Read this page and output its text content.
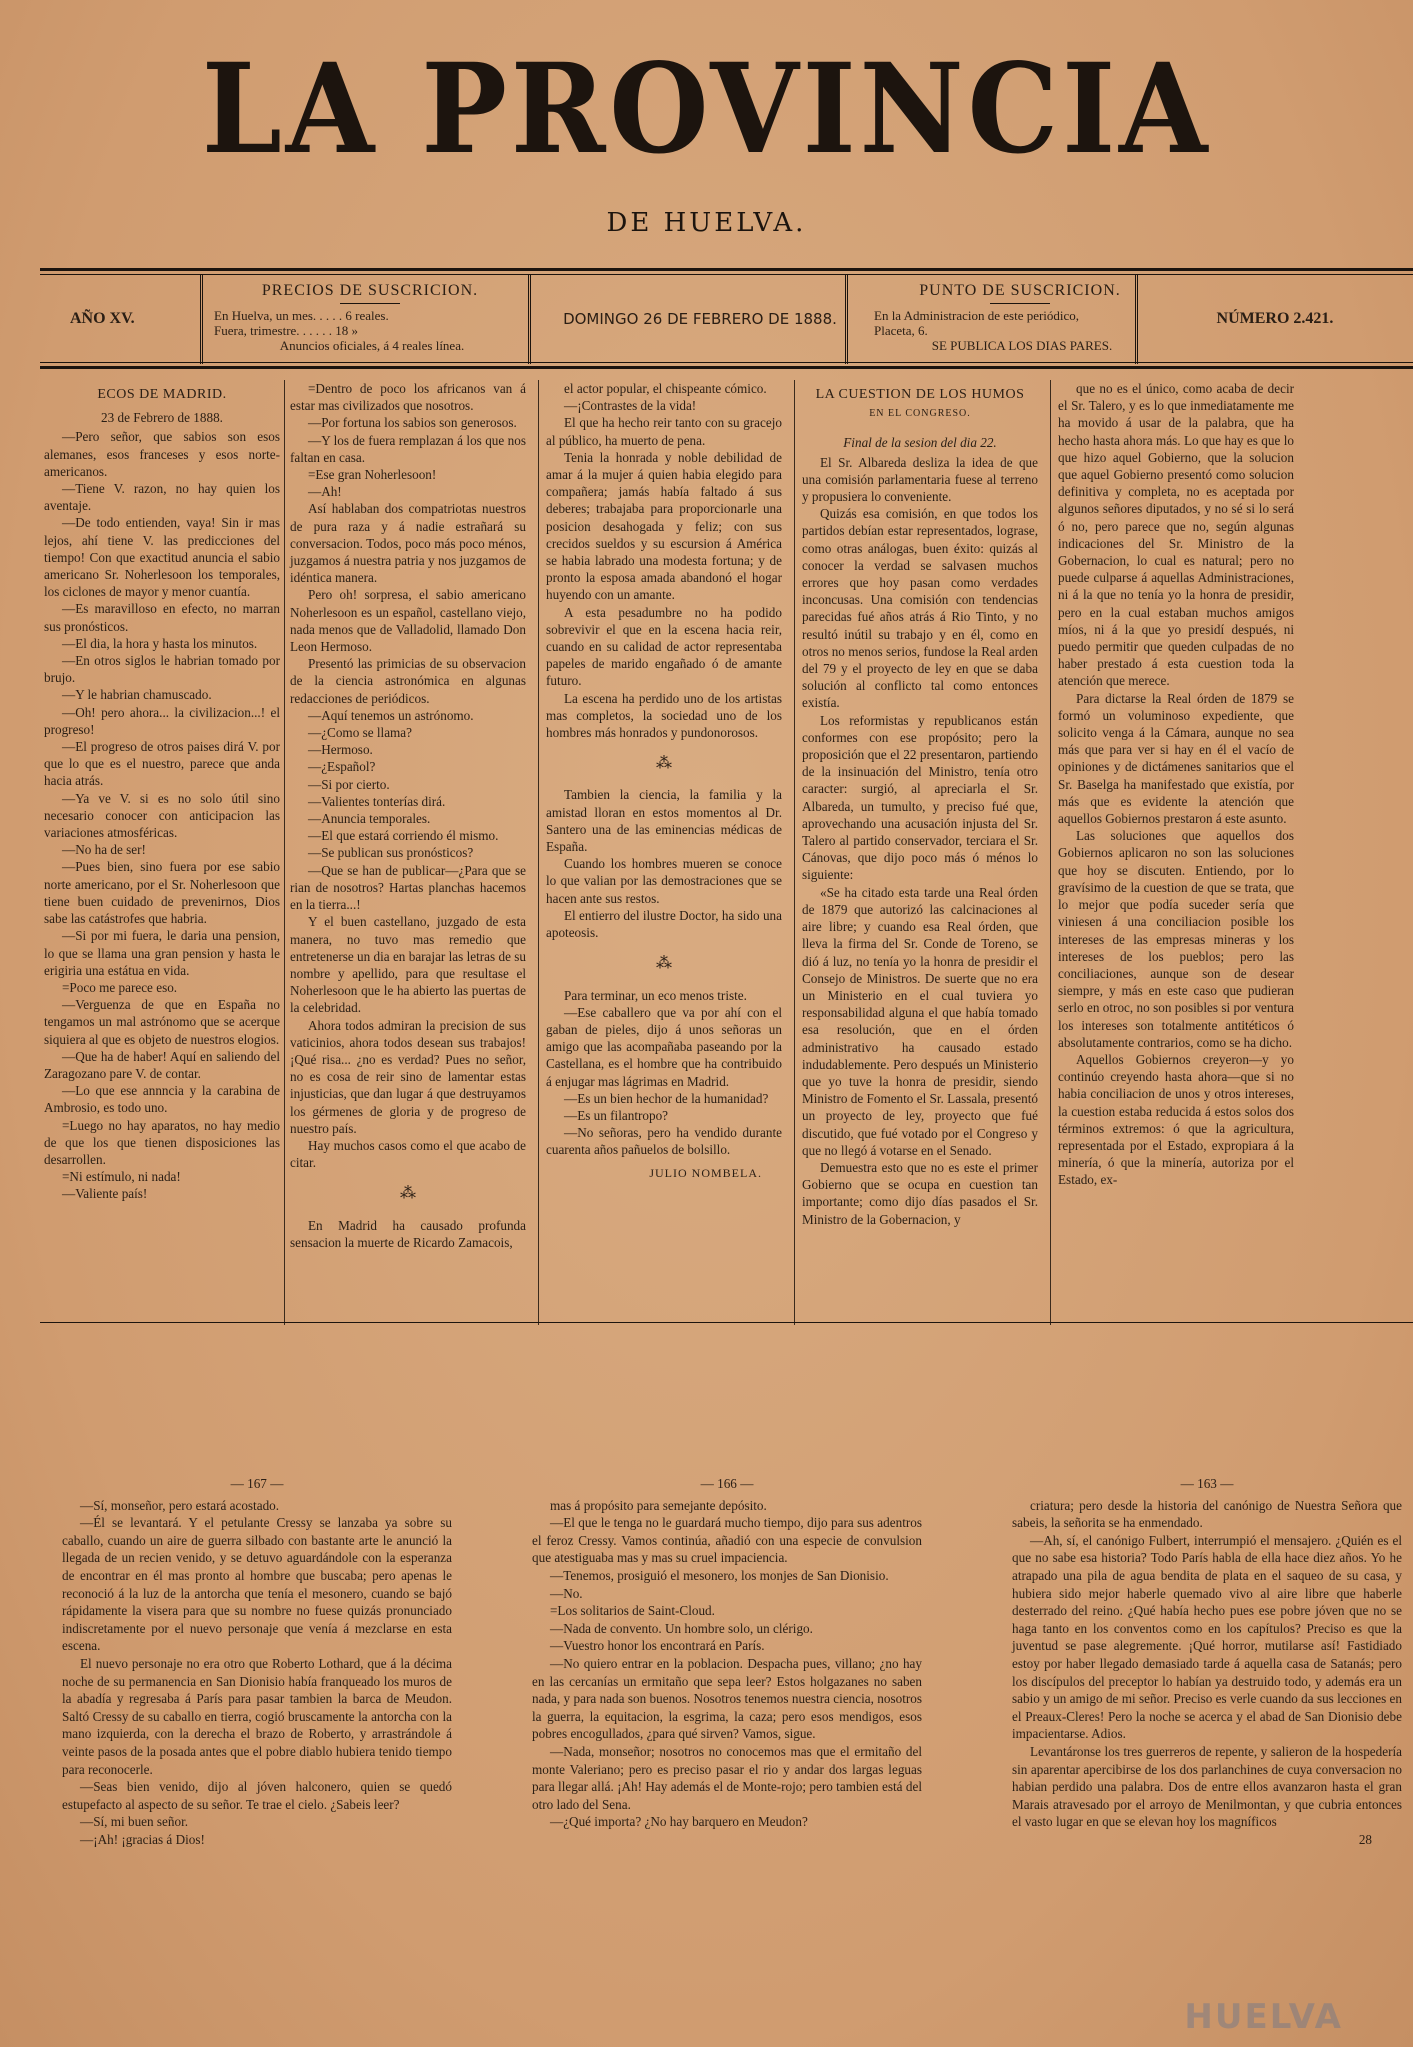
LA PROVINCIA
DE HUELVA.
AÑO XV.
PRECIOS DE SUSCRICION.
En Huelva, un mes. . . . . 6 reales.
Fuera, trimestre. . . . . . 18 »
Anuncios oficiales, á 4 reales línea.
DOMINGO 26 DE FEBRERO DE 1888.
PUNTO DE SUSCRICION.
En la Administracion de este periódico,
Placeta, 6.
SE PUBLICA LOS DIAS PARES.
NÚMERO 2.421.

ECOS DE MADRID.

23 de Febrero de 1888.

—Pero señor, que sabios son esos alemanes, esos franceses y esos norte-americanos.

—Tiene V. razon, no hay quien los aventaje.

—De todo entienden, vaya! Sin ir mas lejos, ahí tiene V. las predicciones del tiempo! Con que exactitud anuncia el sabio americano Sr. Noherlesoon los temporales, los ciclones de mayor y menor cuantía.

—Es maravilloso en efecto, no marran sus pronósticos.

—El dia, la hora y hasta los minutos.

—En otros siglos le habrian tomado por brujo.

—Y le habrian chamuscado.

—Oh! pero ahora... la civilizacion...! el progreso!

—El progreso de otros paises dirá V. por que lo que es el nuestro, parece que anda hacia atrás.

—Ya ve V. si es no solo útil sino necesario conocer con anticipacion las variaciones atmosféricas.

—No ha de ser!

—Pues bien, sino fuera por ese sabio norte americano, por el Sr. Noherlesoon que tiene buen cuidado de prevenirnos, Dios sabe las catástrofes que habria.

—Si por mi fuera, le daria una pension, lo que se llama una gran pension y hasta le erigiria una estátua en vida.

=Poco me parece eso.

—Verguenza de que en España no tengamos un mal astrónomo que se acerque siquiera al que es objeto de nuestros elogios.

—Que ha de haber! Aquí en saliendo del Zaragozano pare V. de contar.

—Lo que ese annncia y la carabina de Ambrosio, es todo uno.

=Luego no hay aparatos, no hay medio de que los que tienen disposiciones las desarrollen.

=Ni estímulo, ni nada!

—Valiente país!

=Dentro de poco los africanos van á estar mas civilizados que nosotros.

—Por fortuna los sabios son generosos.

—Y los de fuera remplazan á los que nos faltan en casa.

=Ese gran Noherlesoon!

—Ah!

Así hablaban dos compatriotas nuestros de pura raza y á nadie estrañará su conversacion. Todos, poco más poco ménos, juzgamos á nuestra patria y nos juzgamos de idéntica manera.

Pero oh! sorpresa, el sabio americano Noherlesoon es un español, castellano viejo, nada menos que de Valladolid, llamado Don Leon Hermoso.

Presentó las primicias de su observacion de la ciencia astronómica en algunas redacciones de periódicos.

—Aquí tenemos un astrónomo.

—¿Como se llama?

—Hermoso.

—¿Español?

—Si por cierto.

—Valientes tonterías dirá.

—Anuncia temporales.

—El que estará corriendo él mismo.

—Se publican sus pronósticos?

—Que se han de publicar—¿Para que se rian de nosotros? Hartas planchas hacemos en la tierra...!

Y el buen castellano, juzgado de esta manera, no tuvo mas remedio que entretenerse un dia en barajar las letras de su nombre y apellido, para que resultase el Noherlesoon que le ha abierto las puertas de la celebridad.

Ahora todos admiran la precision de sus vaticinios, ahora todos desean sus trabajos! ¡Qué risa... ¿no es verdad? Pues no señor, no es cosa de reir sino de lamentar estas injusticias, que dan lugar á que destruyamos los gérmenes de gloria y de progreso de nuestro país.

Hay muchos casos como el que acabo de citar.

⁂

En Madrid ha causado profunda sensacion la muerte de Ricardo Zamacois,

el actor popular, el chispeante cómico.

—¡Contrastes de la vida!

El que ha hecho reir tanto con su gracejo al público, ha muerto de pena.

Tenia la honrada y noble debilidad de amar á la mujer á quien habia elegido para compañera; jamás había faltado á sus deberes; trabajaba para proporcionarle una posicion desahogada y feliz; con sus crecidos sueldos y su escursion á América se habia labrado una modesta fortuna; y de pronto la esposa amada abandonó el hogar huyendo con un amante.

A esta pesadumbre no ha podido sobrevivir el que en la escena hacia reir, cuando en su calidad de actor representaba papeles de marido engañado ó de amante futuro.

La escena ha perdido uno de los artistas mas completos, la sociedad uno de los hombres más honrados y pundonorosos.

⁂

Tambien la ciencia, la familia y la amistad lloran en estos momentos al Dr. Santero una de las eminencias médicas de España.

Cuando los hombres mueren se conoce lo que valian por las demostraciones que se hacen ante sus restos.

El entierro del ilustre Doctor, ha sido una apoteosis.

⁂

Para terminar, un eco menos triste.

—Ese caballero que va por ahí con el gaban de pieles, dijo á unos señoras un amigo que las acompañaba paseando por la Castellana, es el hombre que ha contribuido á enjugar mas lágrimas en Madrid.

—Es un bien hechor de la humanidad?

—Es un filantropo?

—No señoras, pero ha vendido durante cuarenta años pañuelos de bolsillo.

JULIO NOMBELA.

LA CUESTION DE LOS HUMOS

EN EL CONGRESO.

Final de la sesion del dia 22.

El Sr. Albareda desliza la idea de que una comisión parlamentaria fuese al terreno y propusiera lo conveniente.

Quizás esa comisión, en que todos los partidos debían estar representados, lograse, como otras análogas, buen éxito: quizás al conocer la verdad se salvasen muchos errores que hoy pasan como verdades inconcusas. Una comisión con tendencias parecidas fué años atrás á Rio Tinto, y no resultó inútil su trabajo y en él, como en otros no menos serios, fundose la Real arden del 79 y el proyecto de ley en que se daba solución al conflicto tal como entonces existía.

Los reformistas y republicanos están conformes con ese propósito; pero la proposición que el 22 presentaron, partiendo de la insinuación del Ministro, tenía otro caracter: surgió, al apreciarla el Sr. Albareda, un tumulto, y preciso fué que, aprovechando una acusación injusta del Sr. Talero al partido conservador, terciara el Sr. Cánovas, que dijo poco más ó ménos lo siguiente:

«Se ha citado esta tarde una Real órden de 1879 que autorizó las calcinaciones al aire libre; y cuando esa Real órden, que lleva la firma del Sr. Conde de Toreno, se dió á luz, no tenía yo la honra de presidir el Consejo de Ministros. De suerte que no era un Ministerio en el cual tuviera yo responsabilidad alguna el que había tomado esa resolución, que en el órden administrativo ha causado estado indudablemente. Pero después un Ministerio que yo tuve la honra de presidir, siendo Ministro de Fomento el Sr. Lassala, presentó un proyecto de ley, proyecto que fué discutido, que fué votado por el Congreso y que no llegó á votarse en el Senado.

Demuestra esto que no es este el primer Gobierno que se ocupa en cuestion tan importante; como dijo días pasados el Sr. Ministro de la Gobernacion, y

que no es el único, como acaba de decir el Sr. Talero, y es lo que inmediatamente me ha movido á usar de la palabra, que ha hecho hasta ahora más. Lo que hay es que lo que hizo aquel Gobierno, que la solucion que aquel Gobierno presentó como solucion definitiva y completa, no es aceptada por algunos señores diputados, y no sé si lo será ó no, pero parece que no, según algunas indicaciones del Sr. Ministro de la Gobernacion, lo cual es natural; pero no puede culparse á aquellas Administraciones, ni á la que no tenía yo la honra de presidir, pero en la cual estaban muchos amigos míos, ni á la que yo presidí después, ni puedo permitir que queden culpadas de no haber prestado á esta cuestion toda la atención que merece.

Para dictarse la Real órden de 1879 se formó un voluminoso expediente, que solicito venga á la Cámara, aunque no sea más que para ver si hay en él el vacío de opiniones y de dictámenes sanitarios que el Sr. Baselga ha manifestado que existía, por más que es evidente la atención que aquellos Gobiernos prestaron á este asunto.

Las soluciones que aquellos dos Gobiernos aplicaron no son las soluciones que hoy se discuten. Entiendo, por lo gravísimo de la cuestion de que se trata, que lo mejor que podía suceder sería que viniesen á una conciliacion posible los intereses de las empresas mineras y los intereses de los pueblos; pero las conciliaciones, aunque son de desear siempre, y más en este caso que pudieran serlo en otroc, no son posibles si por ventura los intereses son totalmente antitéticos ó absolutamente contrarios, como se ha dicho.

Aquellos Gobiernos creyeron—y yo continúo creyendo hasta ahora—que si no habia conciliacion de unos y otros intereses, la cuestion estaba reducida á estos solos dos términos extremos: ó que la agricultura, representada por el Estado, expropiara á la minería, ó que la minería, autoriza por el Estado, ex-

— 167 —

—Sí, monseñor, pero estará acostado.

—Él se levantará. Y el petulante Cressy se lanzaba ya sobre su caballo, cuando un aire de guerra silbado con bastante arte le anunció la llegada de un recien venido, y se detuvo aguardándole con la esperanza de encontrar en él mas pronto al hombre que buscaba; pero apenas le reconoció á la luz de la antorcha que tenía el mesonero, cuando se bajó rápidamente la visera para que su nombre no fuese quizás pronunciado indiscretamente por el nuevo personaje que venía á mezclarse en esta escena.

El nuevo personaje no era otro que Roberto Lothard, que á la décima noche de su permanencia en San Dionisio había franqueado los muros de la abadía y regresaba á París para pasar tambien la barca de Meudon. Saltó Cressy de su caballo en tierra, cogió bruscamente la antorcha con la mano izquierda, con la derecha el brazo de Roberto, y arrastrándole á veinte pasos de la posada antes que el pobre diablo hubiera tenido tiempo para reconocerle.

—Seas bien venido, dijo al jóven halconero, quien se quedó estupefacto al aspecto de su señor. Te trae el cielo. ¿Sabeis leer?

—Sí, mi buen señor.

—¡Ah! ¡gracias á Dios!

— 166 —

mas á propósito para semejante depósito.

—El que le tenga no le guardará mucho tiempo, dijo para sus adentros el feroz Cressy. Vamos continúa, añadió con una especie de convulsion que atestiguaba mas y mas su cruel impaciencia.

—Tenemos, prosiguió el mesonero, los monjes de San Dionisio.

—No.

=Los solitarios de Saint-Cloud.

—Nada de convento. Un hombre solo, un clérigo.

—Vuestro honor los encontrará en París.

—No quiero entrar en la poblacion. Despacha pues, villano; ¿no hay en las cercanías un ermitaño que sepa leer? Estos holgazanes no saben nada, y para nada son buenos. Nosotros tenemos nuestra ciencia, nosotros la guerra, la equitacion, la esgrima, la caza; pero esos mendigos, esos pobres encogullados, ¿para qué sirven? Vamos, sigue.

—Nada, monseñor; nosotros no conocemos mas que el ermitaño del monte Valeriano; pero es preciso pasar el rio y andar dos largas leguas para llegar allá. ¡Ah! Hay además el de Monte-rojo; pero tambien está del otro lado del Sena.

—¿Qué importa? ¿No hay barquero en Meudon?

— 163 —

criatura; pero desde la historia del canónigo de Nuestra Señora que sabeis, la señorita se ha enmendado.

—Ah, sí, el canónigo Fulbert, interrumpió el mensajero. ¿Quién es el que no sabe esa historia? Todo París habla de ella hace diez años. Yo he atrapado una pila de agua bendita de plata en el saqueo de su casa, y hubiera sido mejor haberle quemado vivo al aire libre que haberle desterrado del reino. ¿Qué había hecho pues ese pobre jóven que no se haga tanto en los conventos como en los capítulos? Preciso es que la juventud se pase alegremente. ¡Qué horror, mutilarse así! Fastidiado estoy por haber llegado demasiado tarde á aquella casa de Satanás; pero los discípulos del preceptor lo habían ya destruido todo, y además era un sabio y un amigo de mi señor. Preciso es verle cuando da sus lecciones en el Preaux-Cleres! Pero la noche se acerca y el abad de San Dionisio debe impacientarse. Adios.

Levantáronse los tres guerreros de repente, y salieron de la hospedería sin aparentar apercibirse de los dos parlanchines de cuya conversacion no habian perdido una palabra. Dos de entre ellos avanzaron hasta el gran Marais atravesado por el arroyo de Menilmontan, y que cubria entonces el vasto lugar en que se elevan hoy los magníficos

28

HUELVA
